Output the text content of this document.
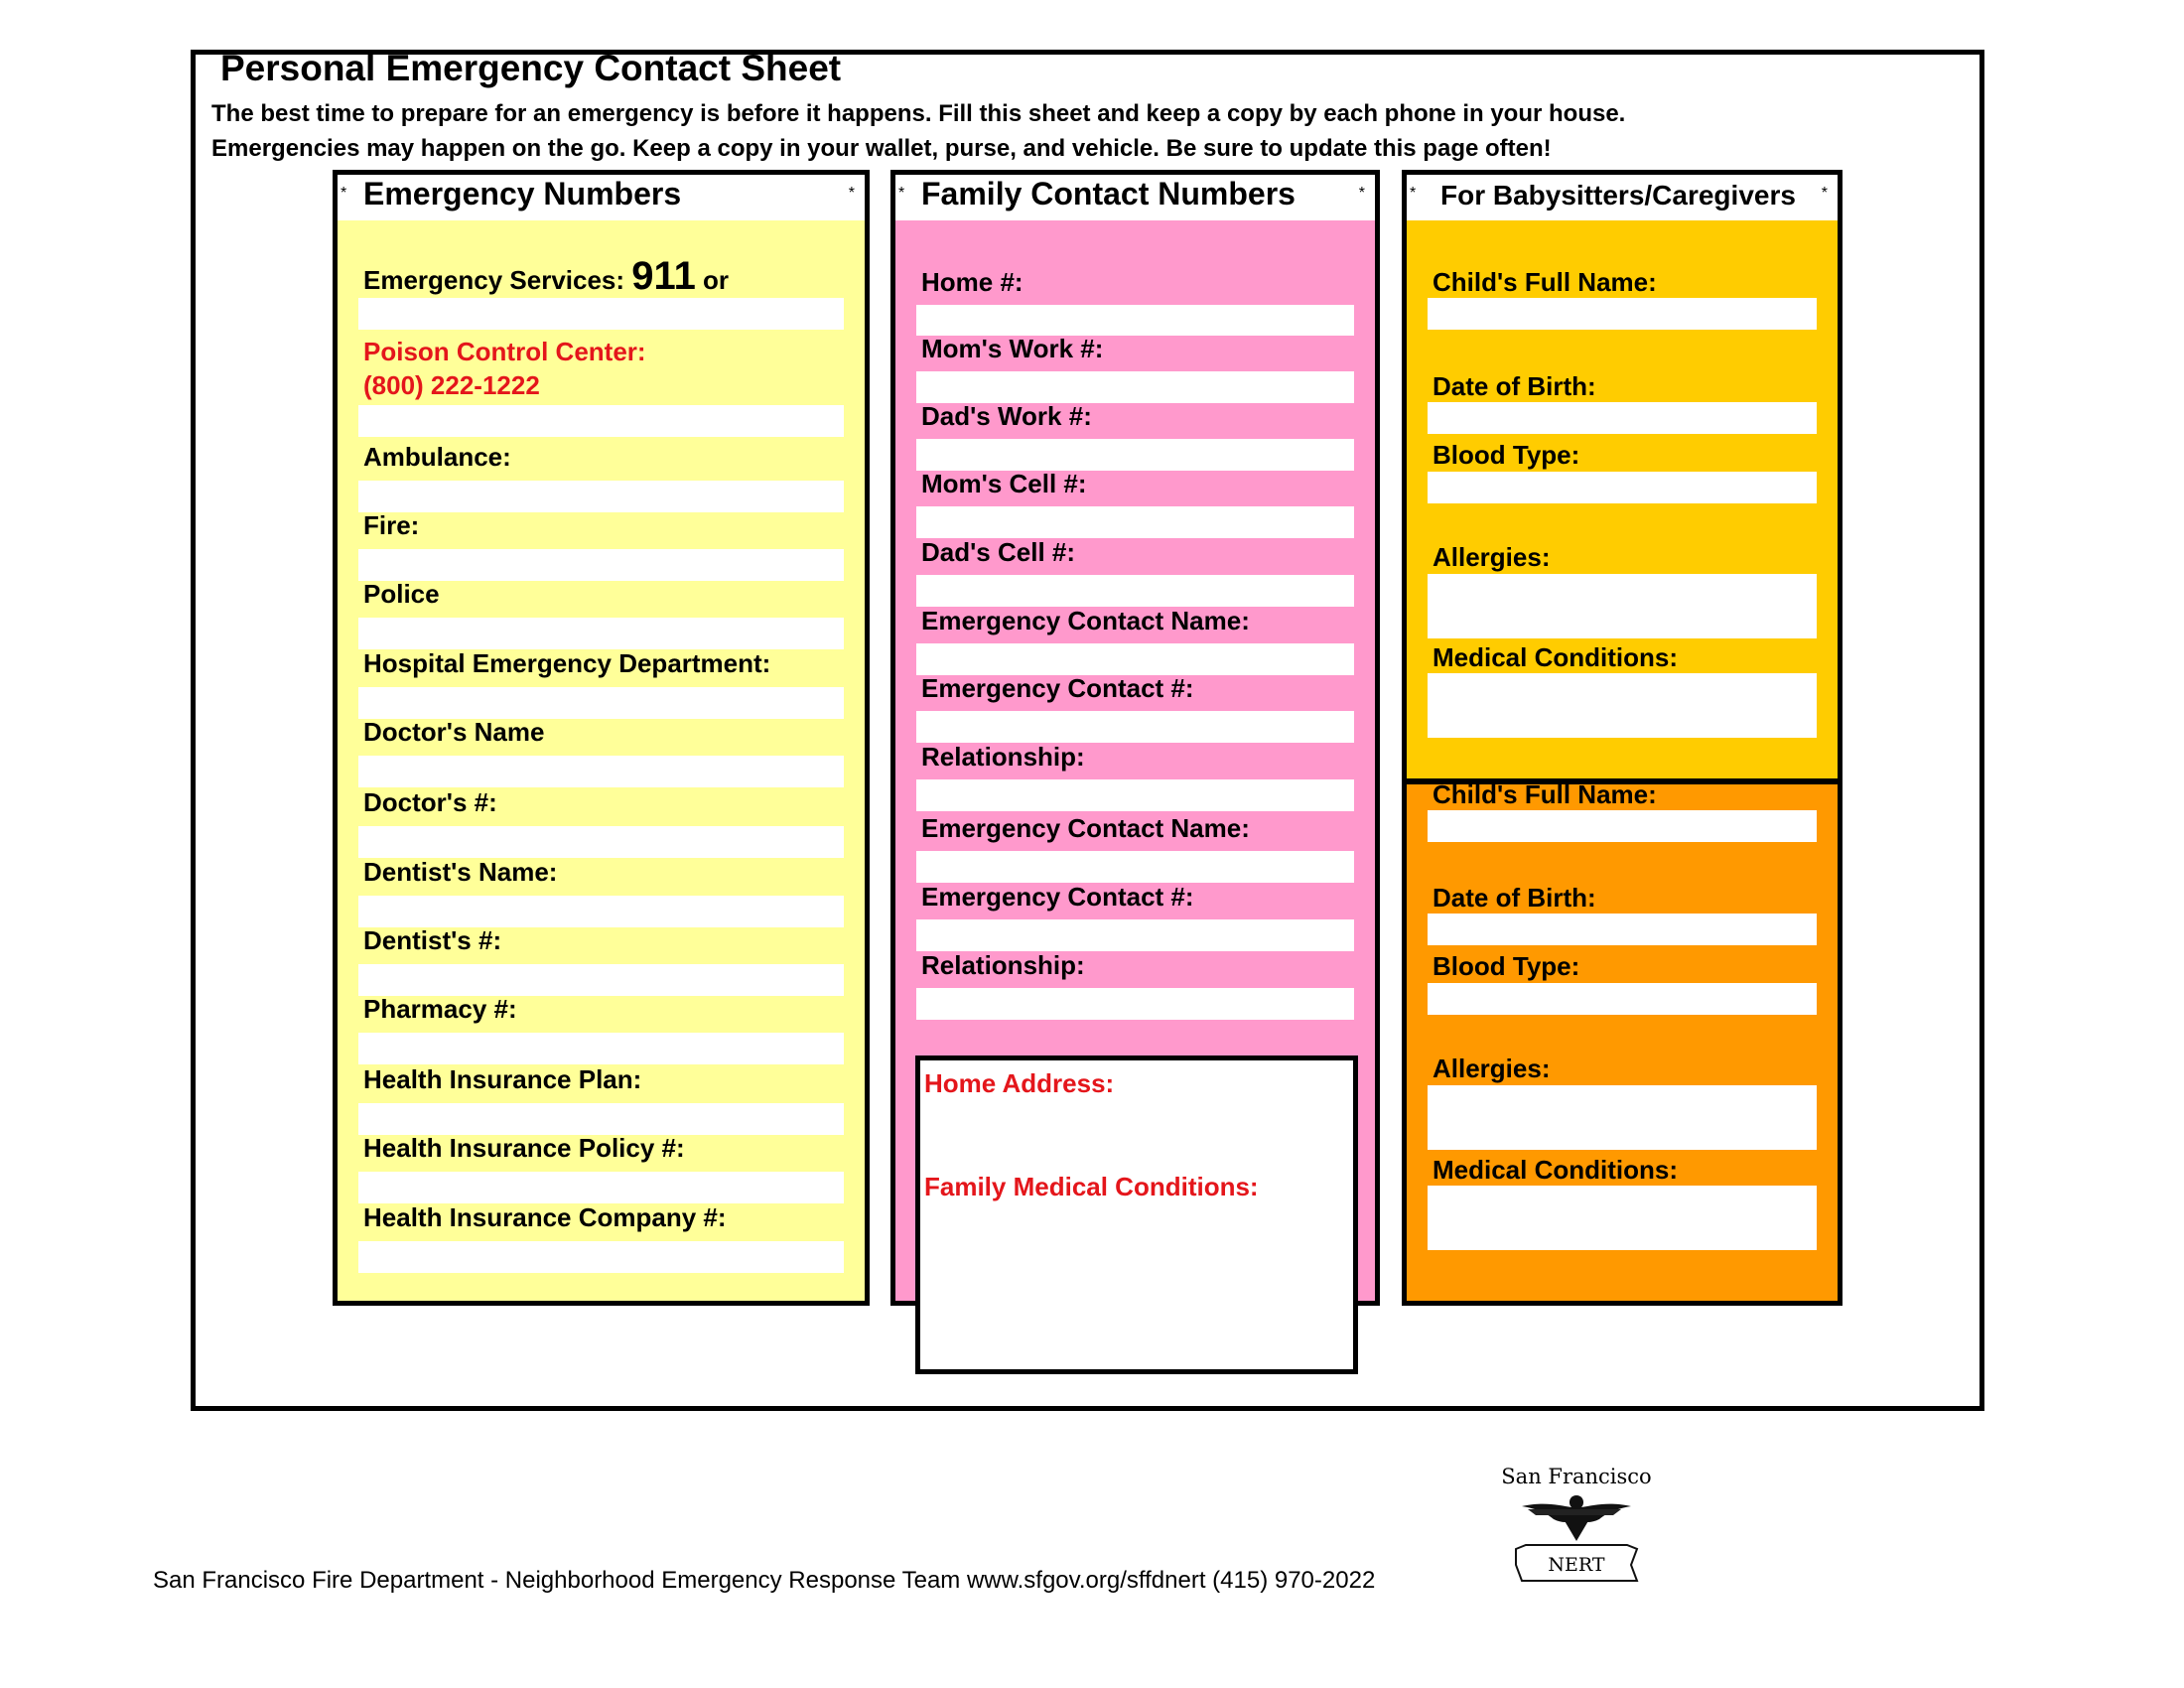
Personal Emergency Contact Sheet
The best time to prepare for an emergency is before it happens. Fill this sheet and keep a copy by each phone in your house.
Emergencies may happen on the go. Keep a copy in your wallet, purse, and vehicle. Be sure to update this page often!
* Emergency Numbers	*
Emergency Services: 911 or
Poison Control Center:
(800) 222-1222
Ambulance:
Fire:
Police
Hospital Emergency Department:
Doctor's Name
Doctor's #:
Dentist's Name:
Dentist's #:
Pharmacy #:
Health Insurance Plan:
Health Insurance Policy #:
Health Insurance Company #:
* Family Contact Numbers	*
Home #:
Mom's Work #:
Dad's Work #:
Mom's Cell #:
Dad's Cell #:
Emergency Contact Name:
Emergency Contact #:
Relationship:
Emergency Contact Name:
Emergency Contact #:
Relationship:
Home Address:
Family Medical Conditions:
* For Babysitters/Caregivers *
Child's Full Name:
Date of Birth:
Blood Type:
Allergies:
Medical Conditions:
Child's Full Name:
Date of Birth:
Blood Type:
Allergies:
Medical Conditions:
San Francisco Fire Department - Neighborhood Emergency Response Team www.sfgov.org/sffdnert (415) 970-2022
San Francisco
NERT
